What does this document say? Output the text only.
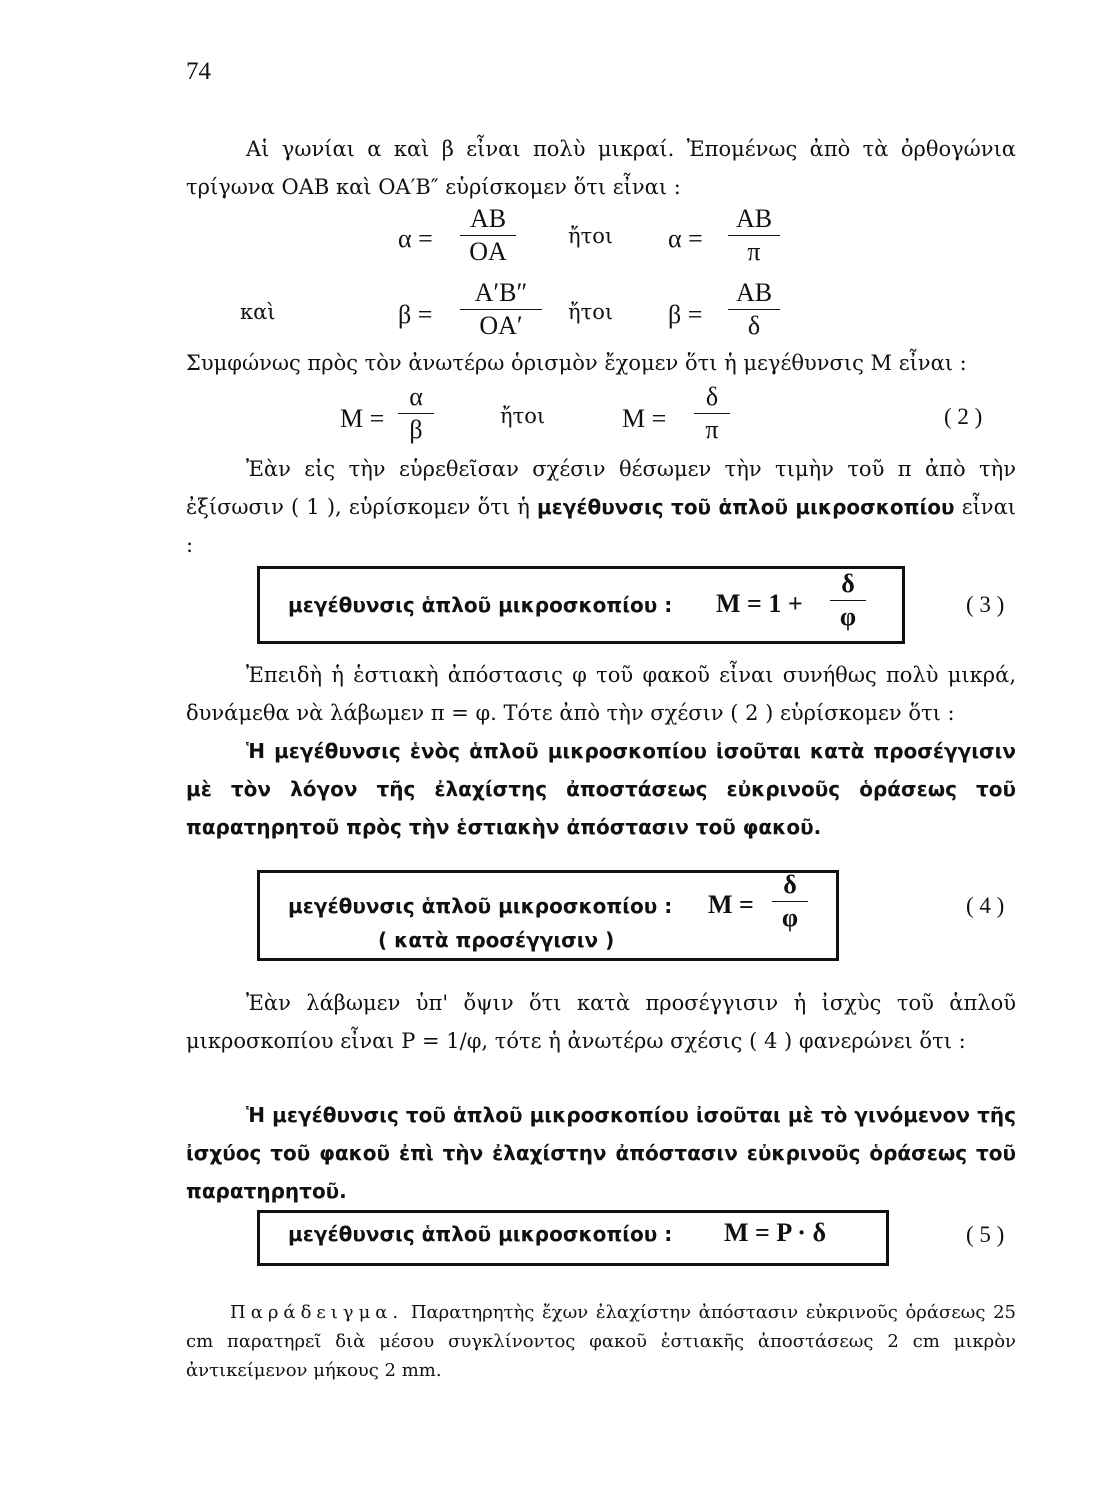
74
Αἱ γωνίαι α καὶ β εἶναι πολὺ μικραί. Ἐπομένως ἀπὸ τὰ ὀρθογώνια τρίγωνα ΟΑΒ καὶ ΟΑ′Β″ εὑρίσκομεν ὅτι εἶναι :
α =
AB
OA
ἤτοι α =
AB
π
καὶ	β =
A′B″
OA′	ἤτοι β =
AB
δ
Συμφώνως πρὸς τὸν ἀνωτέρω ὁρισμὸν ἔχομεν ὅτι ἡ μεγέθυνσις Μ εἶναι :
M =
α
β	ἤτοι	M =
δ
π	( 2 )
Ἐὰν εἰς τὴν εὑρεθεῖσαν σχέσιν θέσωμεν τὴν τιμὴν τοῦ π ἀπὸ τὴν ἐξίσωσιν ( 1 ), εὑρίσκομεν ὅτι ἡ μεγέθυνσις τοῦ ἁπλοῦ μικροσκοπίου εἶναι :
μεγέθυνσις ἁπλοῦ μικροσκοπίου : M = 1 +
δ
φ	( 3 )
Ἐπειδὴ ἡ ἑστιακὴ ἀπόστασις φ τοῦ φακοῦ εἶναι συνήθως πολὺ μικρά, δυνάμεθα νὰ λάβωμεν π = φ. Τότε ἀπὸ τὴν σχέσιν ( 2 ) εὑρίσκομεν ὅτι :
Ἡ μεγέθυνσις ἑνὸς ἁπλοῦ μικροσκοπίου ἰσοῦται κατὰ προσέγγισιν μὲ τὸν λόγον τῆς ἐλαχίστης ἀποστάσεως εὐκρινοῦς ὁράσεως τοῦ παρατηρητοῦ πρὸς τὴν ἑστιακὴν ἀπόστασιν τοῦ φακοῦ.
μεγέθυνσις ἁπλοῦ μικροσκοπίου :
( κατὰ προσέγγισιν )
M =
δ
φ	( 4 )
Ἐὰν λάβωμεν ὑπ' ὄψιν ὅτι κατὰ προσέγγισιν ἡ ἰσχὺς τοῦ ἁπλοῦ μικροσκοπίου εἶναι P = 1/φ, τότε ἡ ἀνωτέρω σχέσις ( 4 ) φανερώνει ὅτι :
Ἡ μεγέθυνσις τοῦ ἁπλοῦ μικροσκοπίου ἰσοῦται μὲ τὸ γινόμενον τῆς ἰσχύος τοῦ φακοῦ ἐπὶ τὴν ἐλαχίστην ἀπόστασιν εὐκρινοῦς ὁράσεως τοῦ παρατηρητοῦ.
μεγέθυνσις ἁπλοῦ μικροσκοπίου : M = P · δ	( 5 )
Παράδειγμα. Παρατηρητὴς ἔχων ἐλαχίστην ἀπόστασιν εὐκρινοῦς ὁράσεως 25 cm παρατηρεῖ διὰ μέσου συγκλίνοντος φακοῦ ἑστιακῆς ἀποστάσεως 2 cm μικρὸν ἀντικείμενον μήκους 2 mm.
